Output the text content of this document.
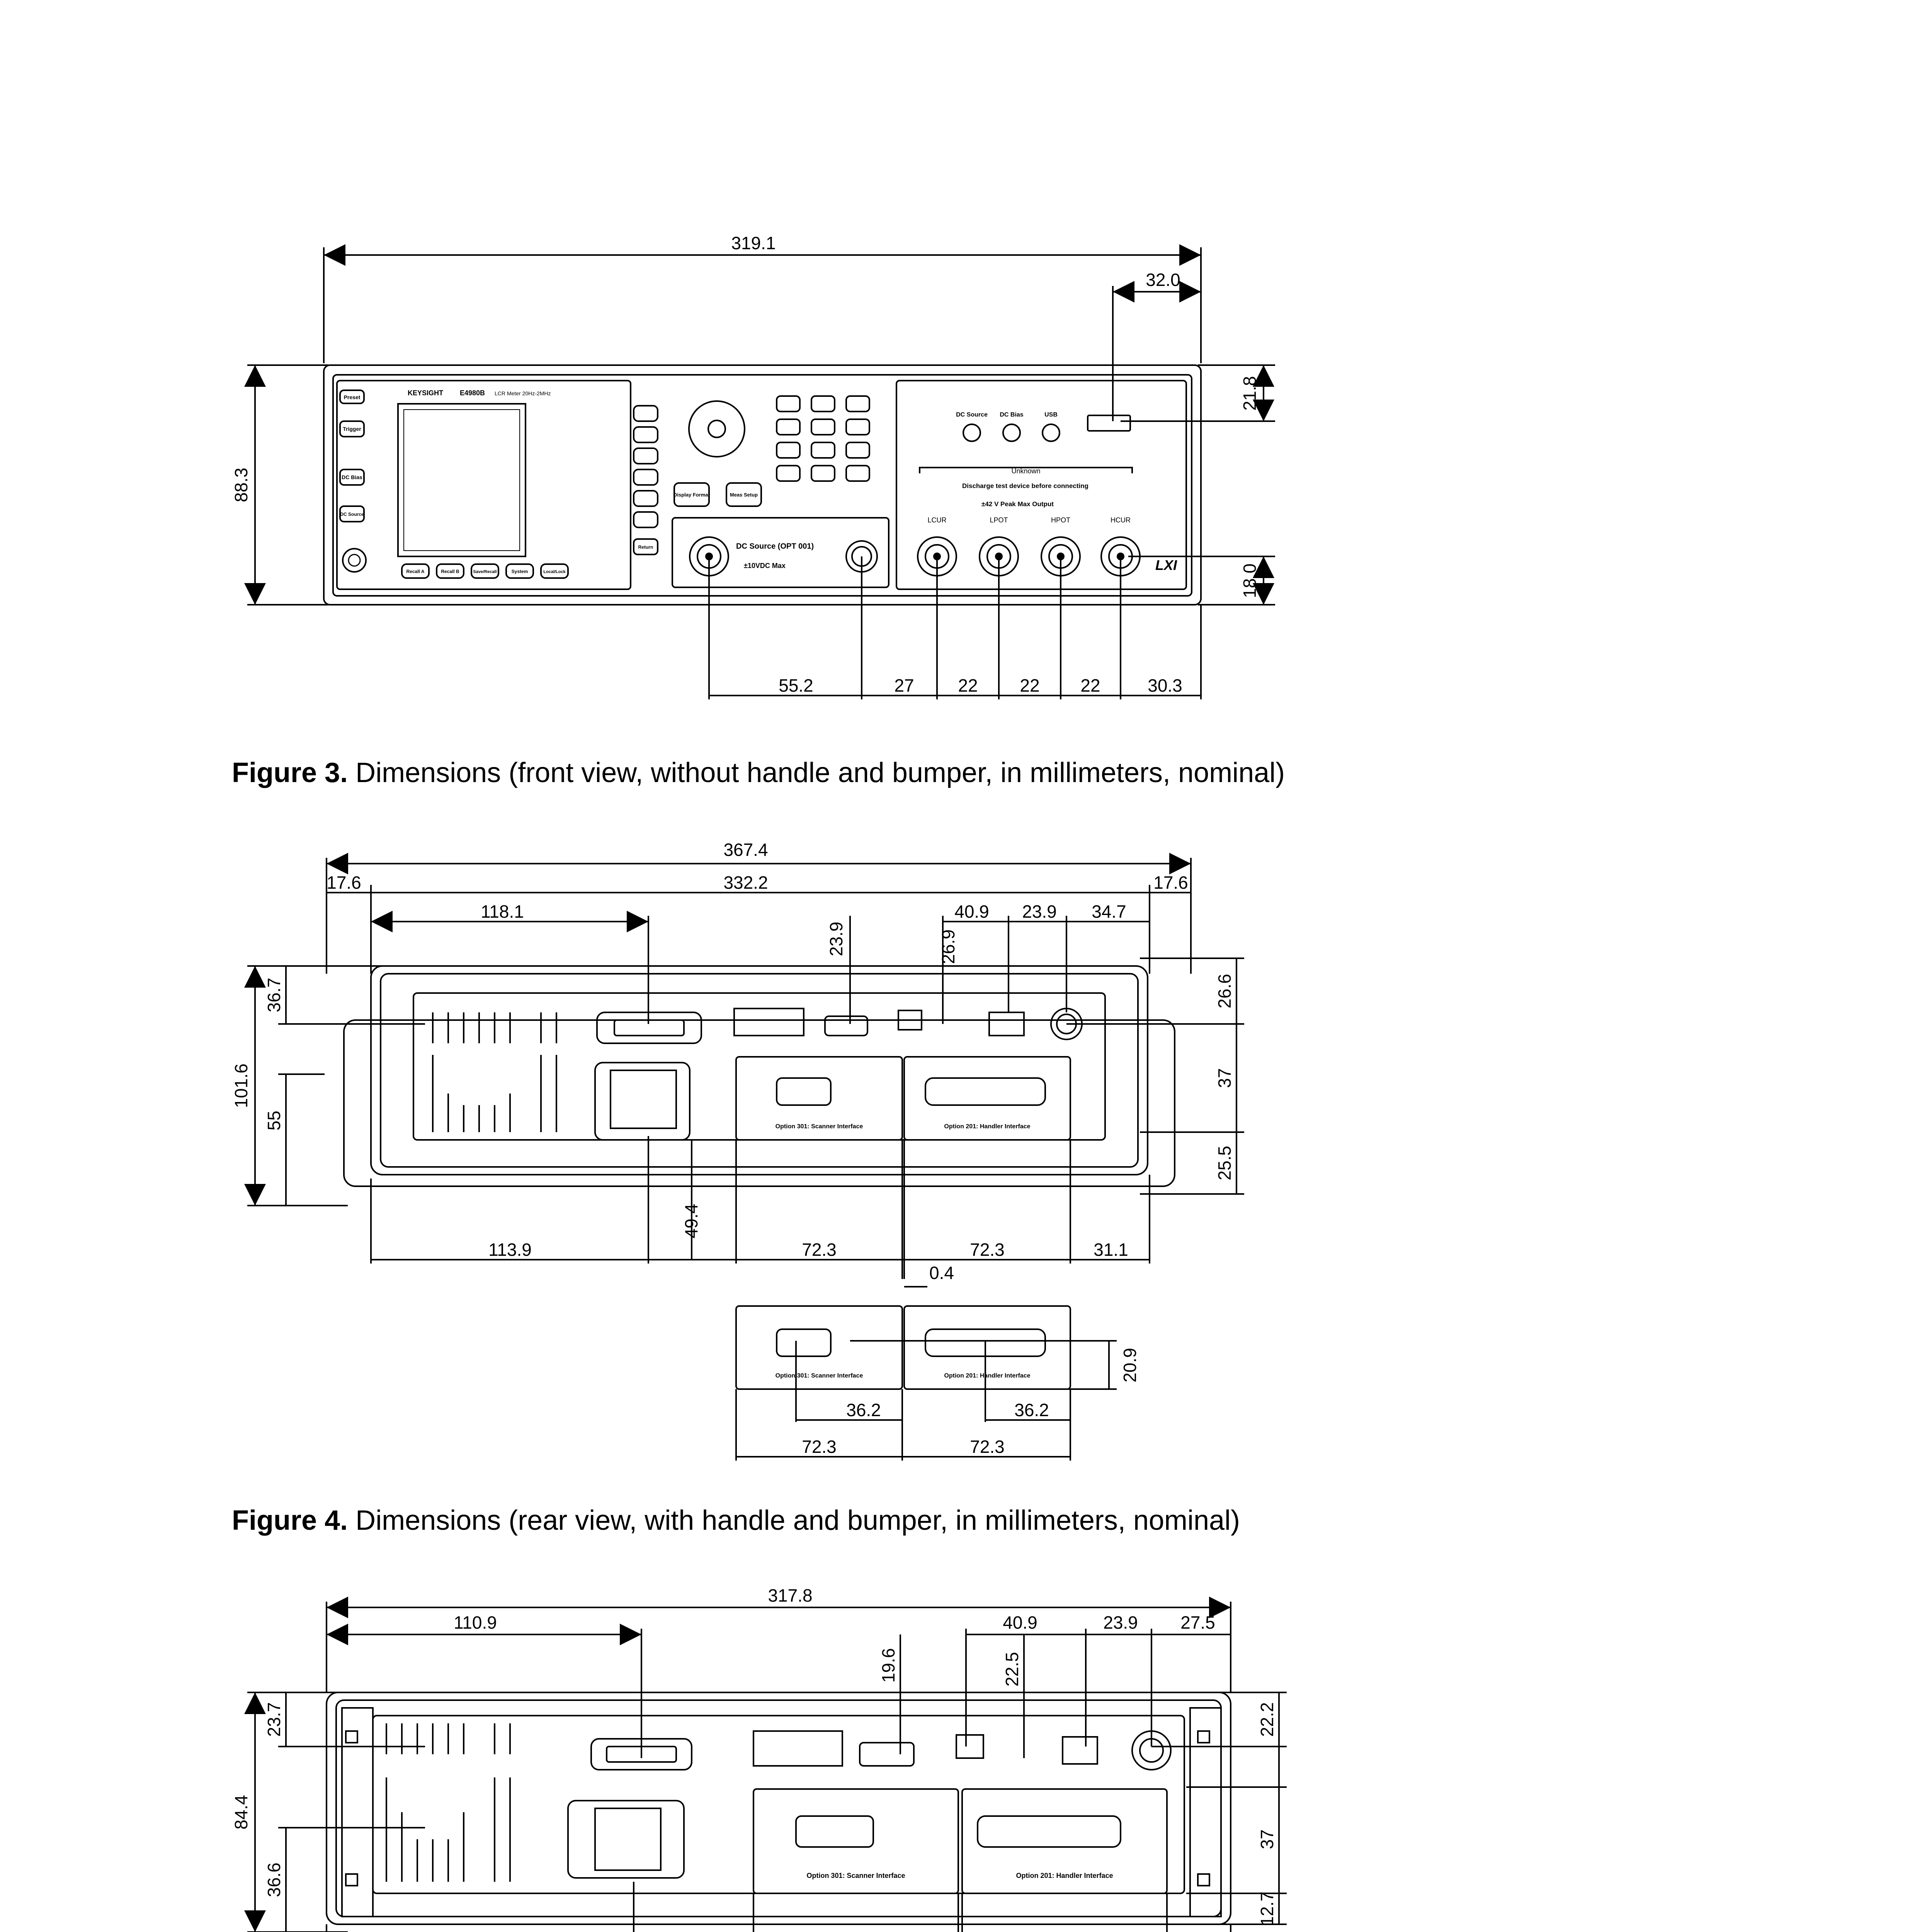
319.1
32.0
88.3
21.8
18.0
55.2	27 22 22 22	30.3
KEYSIGHT E4980B LCR Meter 20Hz-2MHz
Preset
Trigger
DC Bias
DC Source
Recall A	Recall B	Save/Recall	System	Local/Lock
Display Format	Meas Setup
Return	DC Source (OPT 001)
±10VDC Max
DC Source DC Bias	USB
Unknown
Discharge test device before connecting
±42 V Peak Max Output
LCUR	LPOT	HPOT	HCUR
LXI
367.4
17.6	332.2	17.6
118.1
23.9	26.9
40.9 23.9 34.7
36.7
101.6
55
26.6
37
25.5
49.4
113.9	72.3	72.3	31.1
0.4
20.9
36.2	36.2
72.3	72.3
Option 301: Scanner Interface	Option 201: Handler Interface
Option 301: Scanner Interface	Option 201: Handler Interface
317.8
110.9
19.6	22.5
40.9	23.9 27.5
23.7
84.4
36.6
22.2
37
12.7
Option 301: Scanner Interface	Option 201: Handler Interface
Figure 3. Dimensions (front view, without handle and bumper, in millimeters, nominal)
Figure 4. Dimensions (rear view, with handle and bumper, in millimeters, nominal)
